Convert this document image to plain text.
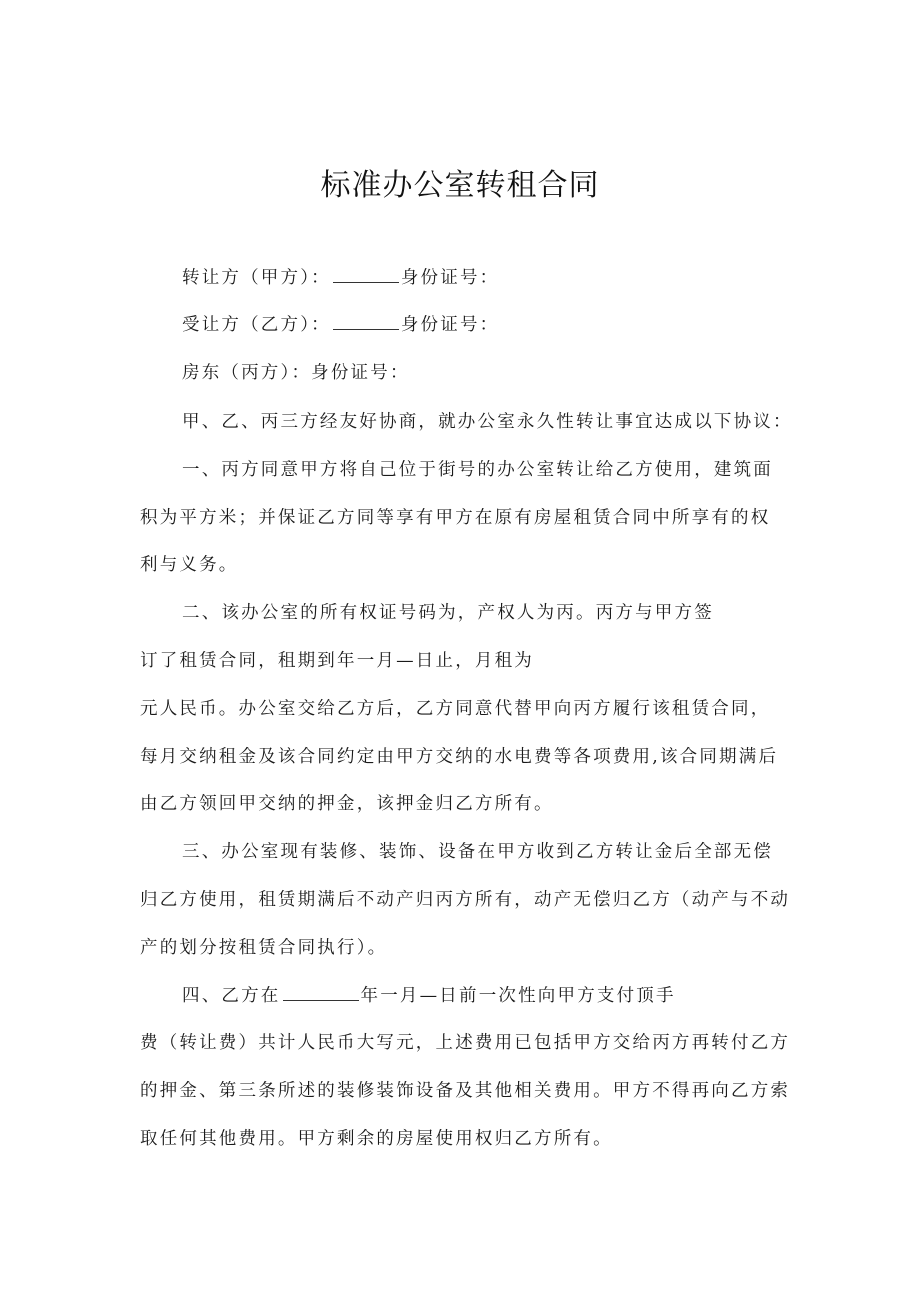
标准办公室转租合同
转让方（甲方）：	身份证号：
受让方（乙方）：	身份证号：
房东（丙方）：身份证号：
甲、乙、丙三方经友好协商，就办公室永久性转让事宜达成以下协议：
一、丙方同意甲方将自己位于街号的办公室转让给乙方使用，建筑面
积为平方米；并保证乙方同等享有甲方在原有房屋租赁合同中所享有的权
利与义务。
二、该办公室的所有权证号码为，产权人为丙。丙方与甲方签
订了租赁合同，租期到年一月—日止，月租为
元人民币。办公室交给乙方后，乙方同意代替甲向丙方履行该租赁合同，
每月交纳租金及该合同约定由甲方交纳的水电费等各项费用,该合同期满后
由乙方领回甲交纳的押金，该押金归乙方所有。
三、办公室现有装修、装饰、设备在甲方收到乙方转让金后全部无偿
归乙方使用，租赁期满后不动产归丙方所有，动产无偿归乙方（动产与不动
产的划分按租赁合同执行）。
四、乙方在	年一月—日前一次性向甲方支付顶手
费（转让费）共计人民币大写元，上述费用已包括甲方交给丙方再转付乙方
的押金、第三条所述的装修装饰设备及其他相关费用。甲方不得再向乙方索
取任何其他费用。甲方剩余的房屋使用权归乙方所有。
